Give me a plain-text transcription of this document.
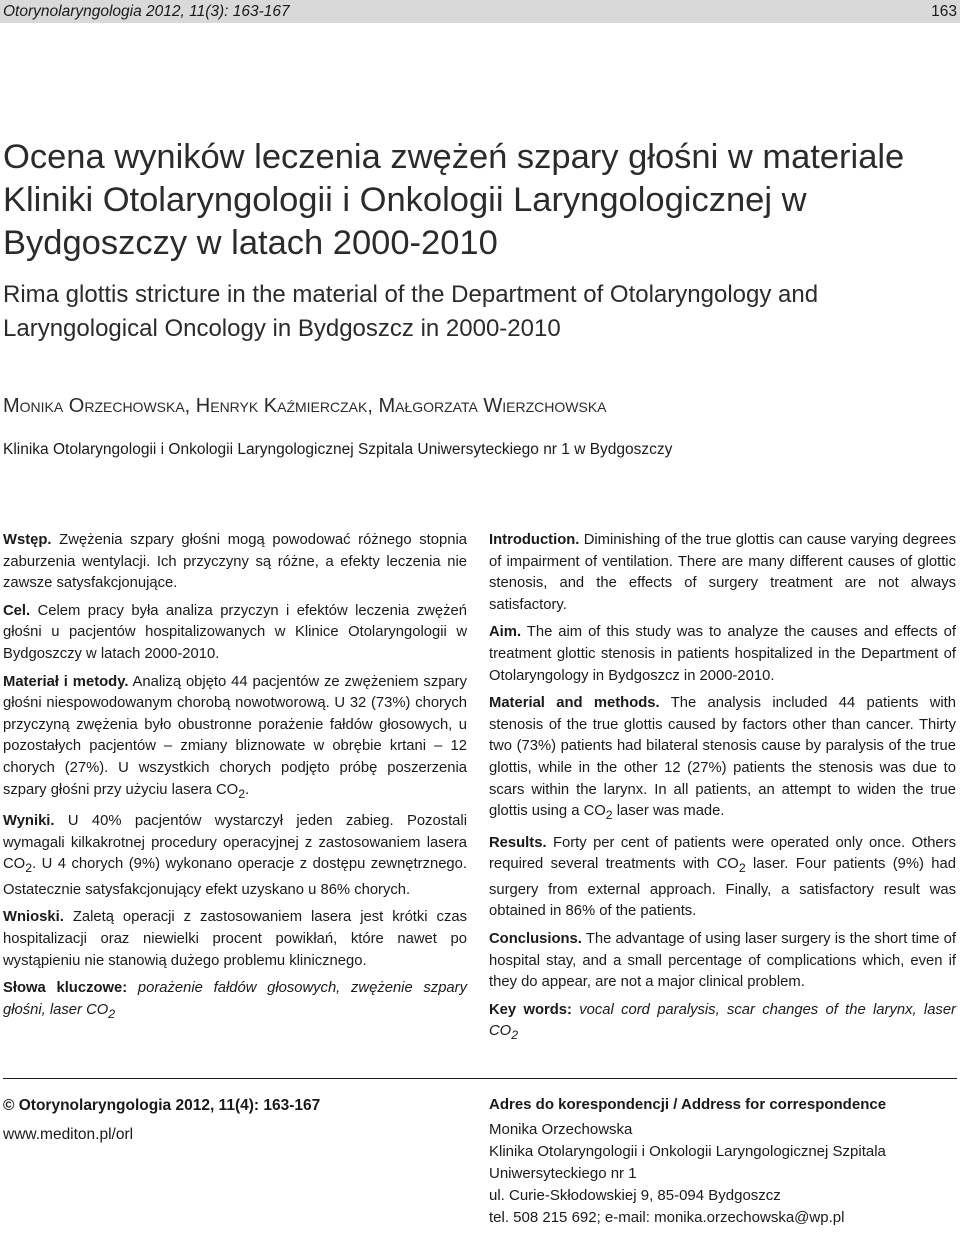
Otorynolaryngologia 2012, 11(3): 163-167	163
Ocena wyników leczenia zwężeń szpary głośni w materiale Kliniki Otolaryngologii i Onkologii Laryngologicznej w Bydgoszczy w latach 2000‑2010
Rima glottis stricture in the material of the Department of Otolaryngology and Laryngological Oncology in Bydgoszcz in 2000‑2010
Monika Orzechowska, Henryk Kaźmierczak, Małgorzata Wierzchowska
Klinika Otolaryngologii i Onkologii Laryngologicznej Szpitala Uniwersyteckiego nr 1 w Bydgoszczy

Wstęp. Zwężenia szpary głośni mogą powodować różnego stopnia zaburzenia wentylacji. Ich przyczyny są różne, a efekty leczenia nie zawsze satysfakcjonujące.

Cel. Celem pracy była analiza przyczyn i efektów leczenia zwężeń głośni u pacjentów hospitalizowanych w Klinice Otolaryngologii w Bydgoszczy w latach 2000‑2010.

Materiał i metody. Analizą objęto 44 pacjentów ze zwężeniem szpary głośni niespowodowanym chorobą nowotworową. U 32 (73%) chorych przyczyną zwężenia było obustronne porażenie fałdów głosowych, u pozostałych pacjentów – zmiany bliznowate w obrębie krtani – 12 chorych (27%). U wszystkich chorych podjęto próbę poszerzenia szpary głośni przy użyciu lasera $CO_2$.

Wyniki. U 40% pacjentów wystarczył jeden zabieg. Pozostali wymagali kilkakrotnej procedury operacyjnej z zastosowaniem lasera $CO_2$. U 4 chorych (9%) wykonano operacje z dostępu zewnętrznego. Ostatecznie satysfakcjonujący efekt uzyskano u 86% chorych.

Wnioski. Zaletą operacji z zastosowaniem lasera jest krótki czas hospitalizacji oraz niewielki procent powikłań, które nawet po wystąpieniu nie stanowią dużego problemu klinicznego.

Słowa kluczowe: porażenie fałdów głosowych, zwężenie szpary głośni, laser $CO_2$

Introduction. Diminishing of the true glottis can cause varying degrees of impairment of ventilation. There are many different causes of glottic stenosis, and the effects of surgery treatment are not always satisfactory.

Aim. The aim of this study was to analyze the causes and effects of treatment glottic stenosis in patients hospitalized in the Department of Otolaryngology in Bydgoszcz in 2000‑2010.

Material and methods. The analysis included 44 patients with stenosis of the true glottis caused by factors other than cancer. Thirty two (73%) patients had bilateral stenosis cause by paralysis of the true glottis, while in the other 12 (27%) patients the stenosis was due to scars within the larynx. In all patients, an attempt to widen the true glottis using a $CO_2$ laser was made.

Results. Forty per cent of patients were operated only once. Others required several treatments with $CO_2$ laser. Four patients (9%) had surgery from external approach. Finally, a satisfactory result was obtained in 86% of the patients.

Conclusions. The advantage of using laser surgery is the short time of hospital stay, and a small percentage of complications which, even if they do appear, are not a major clinical problem.

Key words: vocal cord paralysis, scar changes of the larynx, laser $CO_2$

© Otorynolaryngologia 2012, 11(4): 163‑167
www.mediton.pl/orl
Adres do korespondencji / Address for correspondence
Monika Orzechowska
Klinika Otolaryngologii i Onkologii Laryngologicznej Szpitala Uniwersyteckiego nr 1
ul. Curie‑Skłodowskiej 9, 85‑094 Bydgoszcz
tel. 508 215 692; e‑mail: monika.orzechowska@wp.pl
